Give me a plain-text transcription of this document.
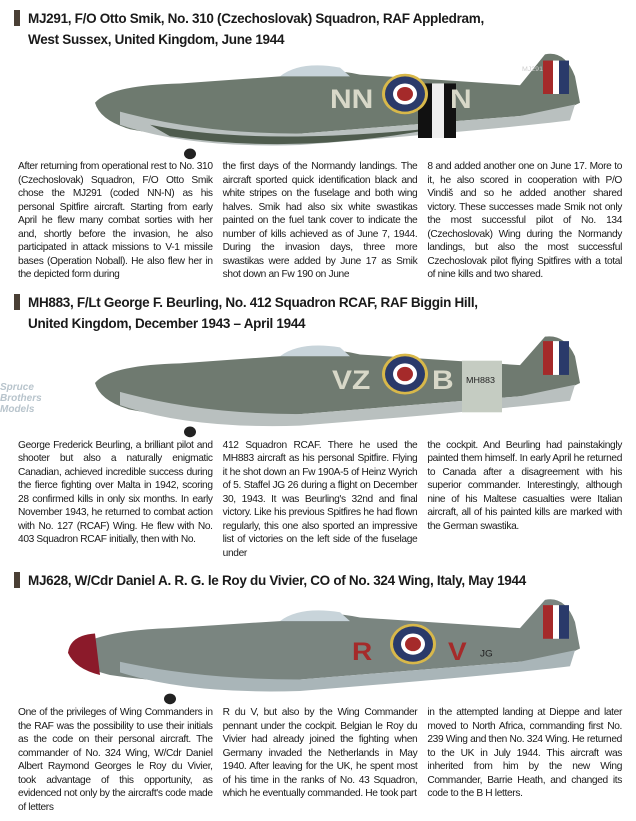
MJ291, F/O Otto Smik, No. 310 (Czechoslovak) Squadron, RAF Appledram,
West Sussex, United Kingdom, June 1944
NN	N
MJ291

After returning from operational rest to No. 310 (Czechoslovak) Squadron, F/O Otto Smik chose the MJ291 (coded NN-N) as his personal Spitfire aircraft. Starting from early April he flew many combat sorties with her and, shortly before the invasion, he also participated in attack missions to V-1 missile bases (Operation Noball). He also flew her in the depicted form during

the first days of the Normandy landings. The aircraft sported quick identification black and white stripes on the fuselage and both wing halves. Smik had also six white swastikas painted on the fuel tank cover to indicate the number of kills achieved as of June 7, 1944. During the invasion days, three more swastikas were added by June 17 as Smik shot down an Fw 190 on June

8 and added another one on June 17. More to it, he also scored in cooperation with P/O Vindiš and so he added another shared victory. These successes made Smik not only the most successful pilot of No. 134 (Czechoslovak) Wing during the Normandy landings, but also the most successful Czechoslovak pilot flying Spitfires with a total of nine kills and two shared.

MH883, F/Lt George F. Beurling, No. 412 Squadron RCAF, RAF Biggin Hill,
United Kingdom, December 1943 – April 1944
Spruce Brothers Models
VZ B MH883

George Frederick Beurling, a brilliant pilot and shooter but also a naturally enigmatic Canadian, achieved incredible success during the fierce fighting over Malta in 1942, scoring 28 confirmed kills in only six months. In early November 1943, he returned to combat action with No. 127 (RCAF) Wing. He flew with No. 403 Squadron RCAF initially, then with No.

412 Squadron RCAF. There he used the MH883 aircraft as his personal Spitfire. Flying it he shot down an Fw 190A-5 of Heinz Wyrich of 5. Staffel JG 26 during a flight on December 30, 1943. It was Beurling's 32nd and final victory. Like his previous Spitfires he had flown regularly, this one also sported an impressive list of victories on the left side of the fuselage under

the cockpit. And Beurling had painstakingly painted them himself. In early April he returned to Canada after a disagreement with his superior commander. Interestingly, although nine of his Maltese casualties were Italian aircraft, all of his painted kills are marked with the German swastika.

MJ628, W/Cdr Daniel A. R. G. le Roy du Vivier, CO of No. 324 Wing, Italy, May 1944
R	V JG

One of the privileges of Wing Commanders in the RAF was the possibility to use their initials as the code on their personal aircraft. The commander of No. 324 Wing, W/Cdr Daniel Albert Raymond Georges le Roy du Vivier, took advantage of this opportunity, as evidenced not only by the aircraft's code made of letters

R du V, but also by the Wing Commander pennant under the cockpit. Belgian le Roy du Vivier had already joined the fighting when Germany invaded the Netherlands in May 1940. After leaving for the UK, he spent most of his time in the ranks of No. 43 Squadron, which he eventually commanded. He took part

in the attempted landing at Dieppe and later moved to North Africa, commanding first No. 239 Wing and then No. 324 Wing. He returned to the UK in July 1944. This aircraft was inherited from him by the new Wing Commander, Barrie Heath, and changed its code to the B H letters.
